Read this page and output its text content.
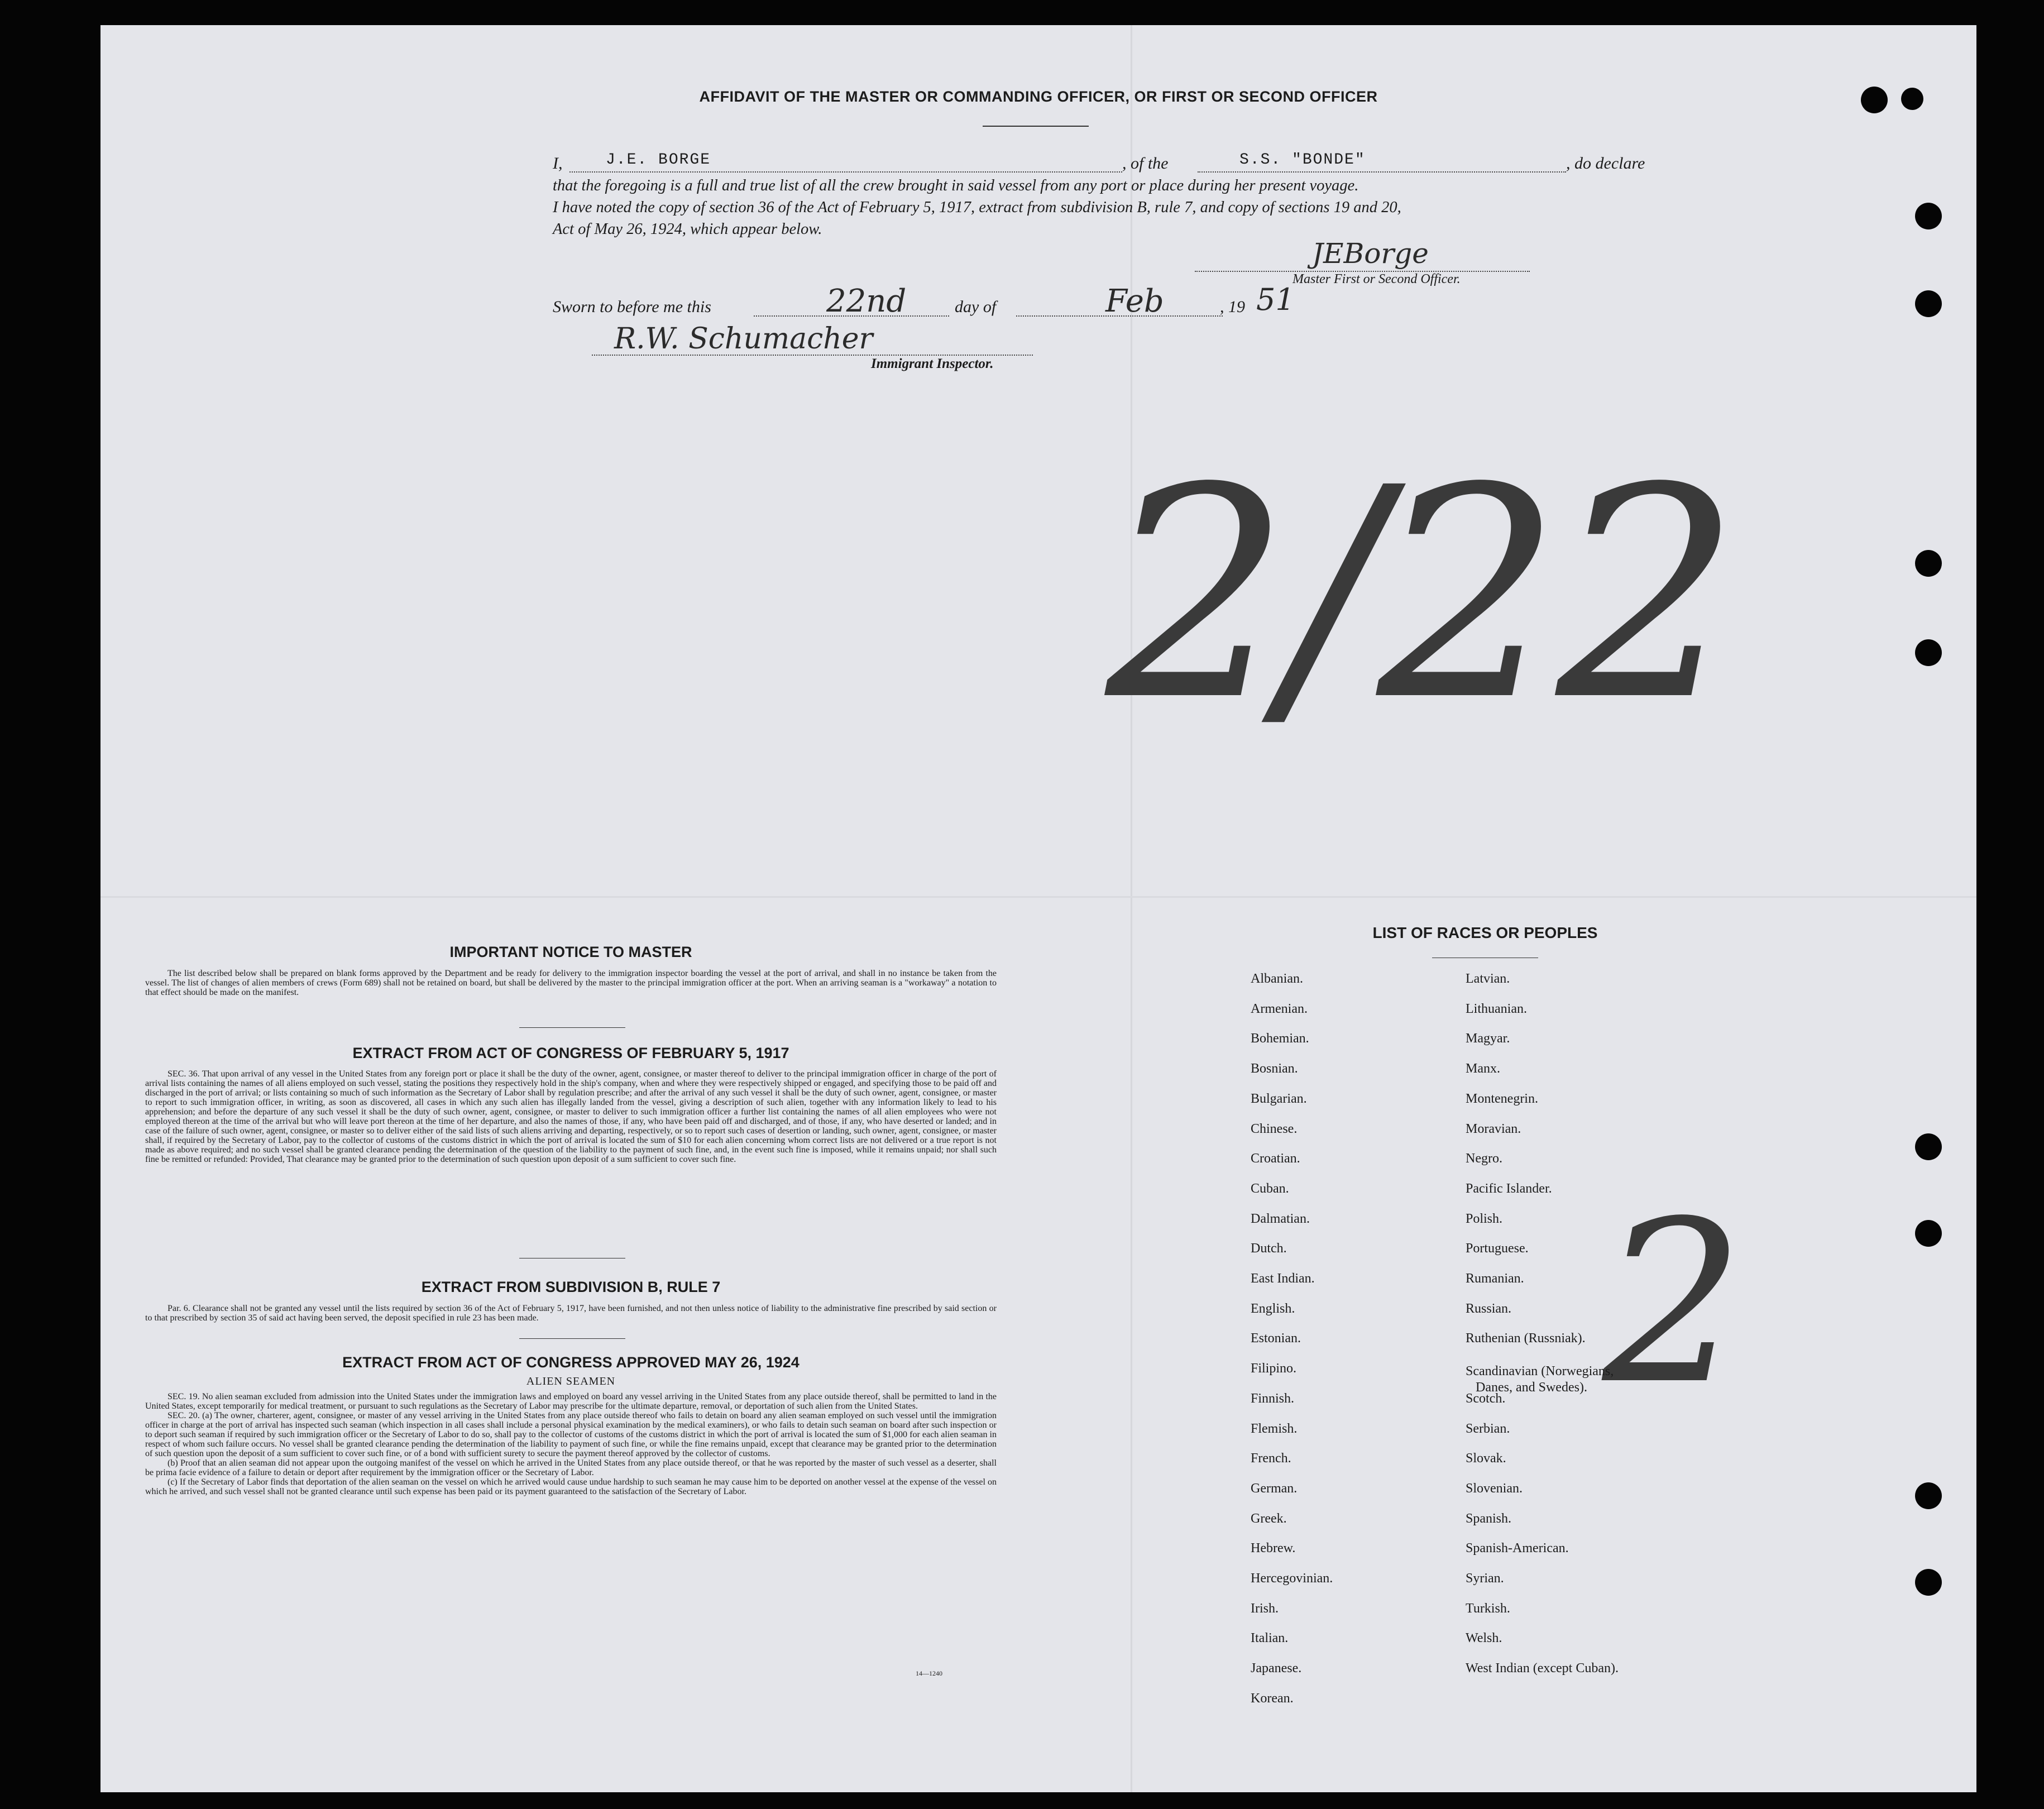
AFFIDAVIT OF THE MASTER OR COMMANDING OFFICER, OR FIRST OR SECOND OFFICER
I,	J.E. BORGE	, of the	S.S. "BONDE"	, do declare
that the foregoing is a full and true list of all the crew brought in said vessel from any port or place during her present voyage.
I have noted the copy of section 36 of the Act of February 5, 1917, extract from subdivision B, rule 7, and copy of sections 19 and 20,
Act of May 26, 1924, which appear below.
JEBorge
Master First or Second Officer.
Sworn to before me this	22nd	day of	Feb	, 19 51
R.W. Schumacher
Immigrant Inspector.
2/22
2
IMPORTANT NOTICE TO MASTER

The list described below shall be prepared on blank forms approved by the Department and be ready for delivery to the immigration inspector boarding the vessel at the port of arrival, and shall in no instance be taken from the vessel. The list of changes of alien members of crews (Form 689) shall not be retained on board, but shall be delivered by the master to the principal immigration officer at the port. When an arriving seaman is a "workaway" a notation to that effect should be made on the manifest.

EXTRACT FROM ACT OF CONGRESS OF FEBRUARY 5, 1917

SEC. 36. That upon arrival of any vessel in the United States from any foreign port or place it shall be the duty of the owner, agent, consignee, or master thereof to deliver to the principal immigration officer in charge of the port of arrival lists containing the names of all aliens employed on such vessel, stating the positions they respectively hold in the ship's company, when and where they were respectively shipped or engaged, and specifying those to be paid off and discharged in the port of arrival; or lists containing so much of such information as the Secretary of Labor shall by regulation prescribe; and after the arrival of any such vessel it shall be the duty of such owner, agent, consignee, or master to report to such immigration officer, in writing, as soon as discovered, all cases in which any such alien has illegally landed from the vessel, giving a description of such alien, together with any information likely to lead to his apprehension; and before the departure of any such vessel it shall be the duty of such owner, agent, consignee, or master to deliver to such immigration officer a further list containing the names of all alien employees who were not employed thereon at the time of the arrival but who will leave port thereon at the time of her departure, and also the names of those, if any, who have been paid off and discharged, and of those, if any, who have deserted or landed; and in case of the failure of such owner, agent, consignee, or master so to deliver either of the said lists of such aliens arriving and departing, respectively, or so to report such cases of desertion or landing, such owner, agent, consignee, or master shall, if required by the Secretary of Labor, pay to the collector of customs of the customs district in which the port of arrival is located the sum of $10 for each alien concerning whom correct lists are not delivered or a true report is not made as above required; and no such vessel shall be granted clearance pending the determination of the question of the liability to the payment of such fine, and, in the event such fine is imposed, while it remains unpaid; nor shall such fine be remitted or refunded: Provided, That clearance may be granted prior to the determination of such question upon deposit of a sum sufficient to cover such fine.

EXTRACT FROM SUBDIVISION B, RULE 7

Par. 6. Clearance shall not be granted any vessel until the lists required by section 36 of the Act of February 5, 1917, have been furnished, and not then unless notice of liability to the administrative fine prescribed by said section or to that prescribed by section 35 of said act having been served, the deposit specified in rule 23 has been made.

EXTRACT FROM ACT OF CONGRESS APPROVED MAY 26, 1924
ALIEN SEAMEN

SEC. 19. No alien seaman excluded from admission into the United States under the immigration laws and employed on board any vessel arriving in the United States from any place outside thereof, shall be permitted to land in the United States, except temporarily for medical treatment, or pursuant to such regulations as the Secretary of Labor may prescribe for the ultimate departure, removal, or deportation of such alien from the United States.

SEC. 20. (a) The owner, charterer, agent, consignee, or master of any vessel arriving in the United States from any place outside thereof who fails to detain on board any alien seaman employed on such vessel until the immigration officer in charge at the port of arrival has inspected such seaman (which inspection in all cases shall include a personal physical examination by the medical examiners), or who fails to detain such seaman on board after such inspection or to deport such seaman if required by such immigration officer or the Secretary of Labor to do so, shall pay to the collector of customs of the customs district in which the port of arrival is located the sum of $1,000 for each alien seaman in respect of whom such failure occurs. No vessel shall be granted clearance pending the determination of the liability to payment of such fine, or while the fine remains unpaid, except that clearance may be granted prior to the determination of such question upon the deposit of a sum sufficient to cover such fine, or of a bond with sufficient surety to secure the payment thereof approved by the collector of customs.

(b) Proof that an alien seaman did not appear upon the outgoing manifest of the vessel on which he arrived in the United States from any place outside thereof, or that he was reported by the master of such vessel as a deserter, shall be prima facie evidence of a failure to detain or deport after requirement by the immigration officer or the Secretary of Labor.

(c) If the Secretary of Labor finds that deportation of the alien seaman on the vessel on which he arrived would cause undue hardship to such seaman he may cause him to be deported on another vessel at the expense of the vessel on which he arrived, and such vessel shall not be granted clearance until such expense has been paid or its payment guaranteed to the satisfaction of the Secretary of Labor.

14—1240
LIST OF RACES OR PEOPLES
Albanian.
Armenian.
Bohemian.
Bosnian.
Bulgarian.
Chinese.
Croatian.
Cuban.
Dalmatian.
Dutch.
East Indian.
English.
Estonian.
Filipino.
Finnish.
Flemish.
French.
German.
Greek.
Hebrew.
Hercegovinian.
Irish.
Italian.
Japanese.
Korean.
Latvian.
Lithuanian.
Magyar.
Manx.
Montenegrin.
Moravian.
Negro.
Pacific Islander.
Polish.
Portuguese.
Rumanian.
Russian.
Ruthenian (Russniak).
Scandinavian (Norwegians,
Danes, and Swedes).
Scotch.
Serbian.
Slovak.
Slovenian.
Spanish.
Spanish-American.
Syrian.
Turkish.
Welsh.
West Indian (except Cuban).
